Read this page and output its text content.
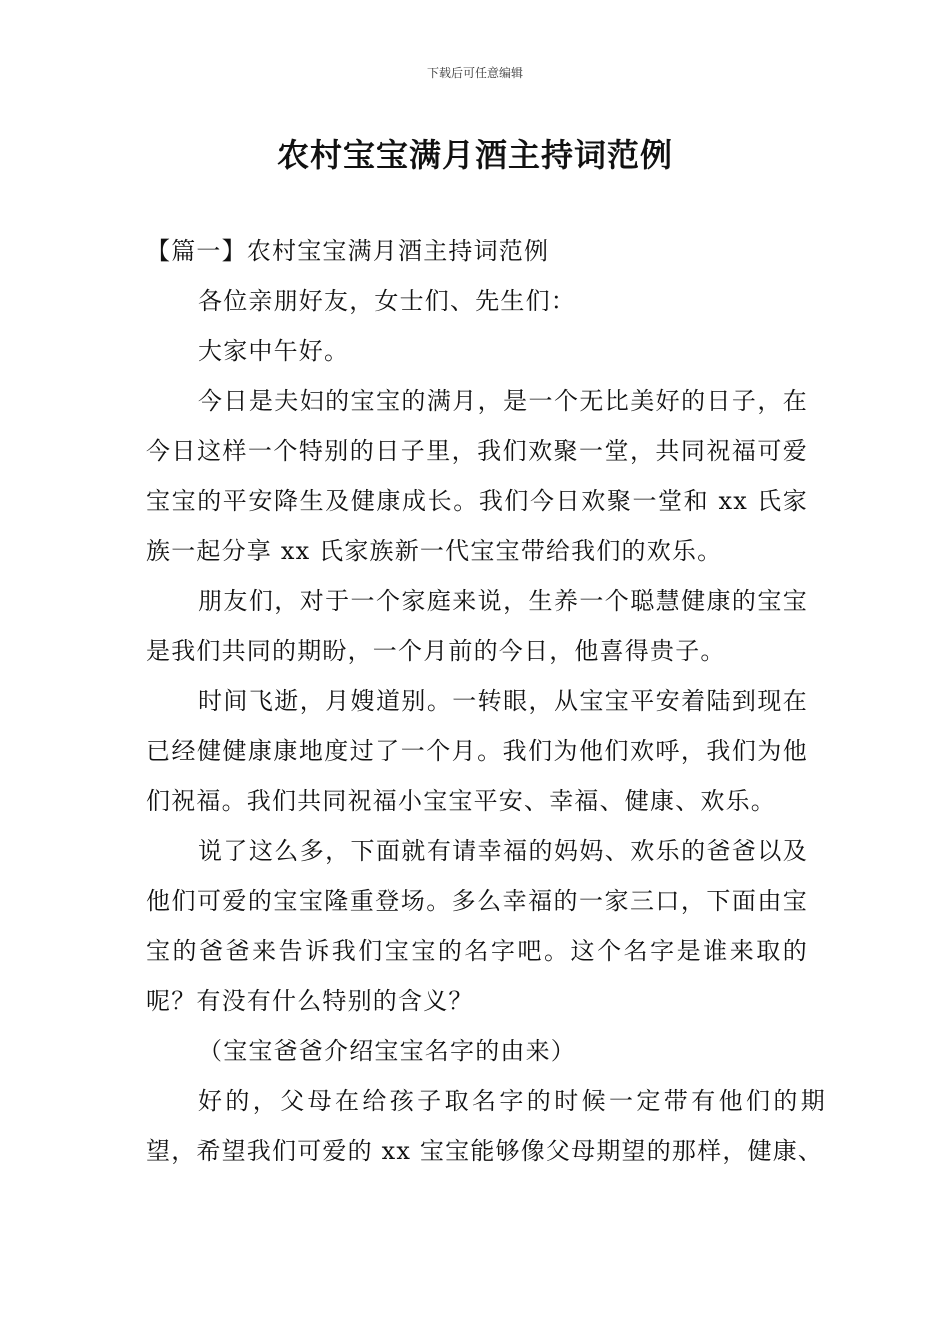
下载后可任意编辑
农村宝宝满月酒主持词范例

【篇一】农村宝宝满月酒主持词范例

各位亲朋好友，女士们、先生们：

大家中午好。

今日是夫妇的宝宝的满月，是一个无比美好的日子，在今日这样一个特别的日子里，我们欢聚一堂，共同祝福可爱宝宝的平安降生及健康成长。我们今日欢聚一堂和 xx 氏家族一起分享 xx 氏家族新一代宝宝带给我们的欢乐。

朋友们，对于一个家庭来说，生养一个聪慧健康的宝宝是我们共同的期盼，一个月前的今日，他喜得贵子。

时间飞逝，月嫂道别。一转眼，从宝宝平安着陆到现在已经健健康康地度过了一个月。我们为他们欢呼，我们为他们祝福。我们共同祝福小宝宝平安、幸福、健康、欢乐。

说了这么多，下面就有请幸福的妈妈、欢乐的爸爸以及他们可爱的宝宝隆重登场。多么幸福的一家三口，下面由宝宝的爸爸来告诉我们宝宝的名字吧。这个名字是谁来取的呢？有没有什么特别的含义？

（宝宝爸爸介绍宝宝名字的由来）

好的，父母在给孩子取名字的时候一定带有他们的期望，希望我们可爱的 xx 宝宝能够像父母期望的那样，健康、
